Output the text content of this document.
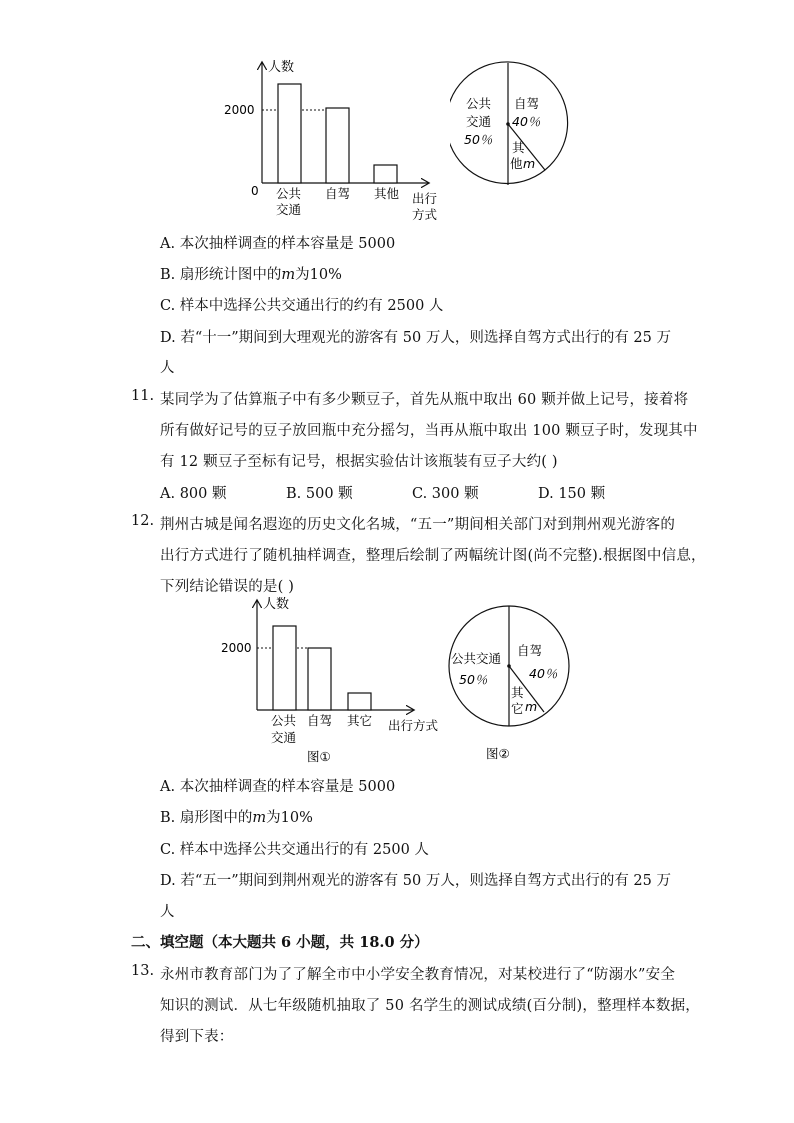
人数
2000
0 公共
交通
自驾 其他 出行
方式
公共
交通
50％
自驾
40％
其
他 m
A. 本次抽样调查的样本容量是 5000
B. 扇形统计图中的m为10%
C. 样本中选择公共交通出行的约有 2500 人
D. 若“十一”期间到大理观光的游客有 50 万人，则选择自驾方式出行的有 25 万
人
11. 某同学为了估算瓶子中有多少颗豆子，首先从瓶中取出 60 颗并做上记号，接着将
所有做好记号的豆子放回瓶中充分摇匀，当再从瓶中取出 100 颗豆子时，发现其中
有 12 颗豆子至标有记号，根据实验估计该瓶装有豆子大约( )
A. 800 颗	B. 500 颗	C. 300 颗	D. 150 颗
12. 荆州古城是闻名遐迩的历史文化名城，“五一”期间相关部门对到荆州观光游客的
出行方式进行了随机抽样调查，整理后绘制了两幅统计图(尚不完整).根据图中信息，
下列结论错误的是( )
人数
2000
公共
交通
自驾 其它 出行方式
图①
公共交通
50％
自驾
40％
其
它 m
图②
A. 本次抽样调查的样本容量是 5000
B. 扇形图中的m为10%
C. 样本中选择公共交通出行的有 2500 人
D. 若“五一”期间到荆州观光的游客有 50 万人，则选择自驾方式出行的有 25 万
人
二、填空题（本大题共 6 小题，共 18.0 分）
13. 永州市教育部门为了了解全市中小学安全教育情况，对某校进行了“防溺水”安全
知识的测试．从七年级随机抽取了 50 名学生的测试成绩(百分制)，整理样本数据，
得到下表：
